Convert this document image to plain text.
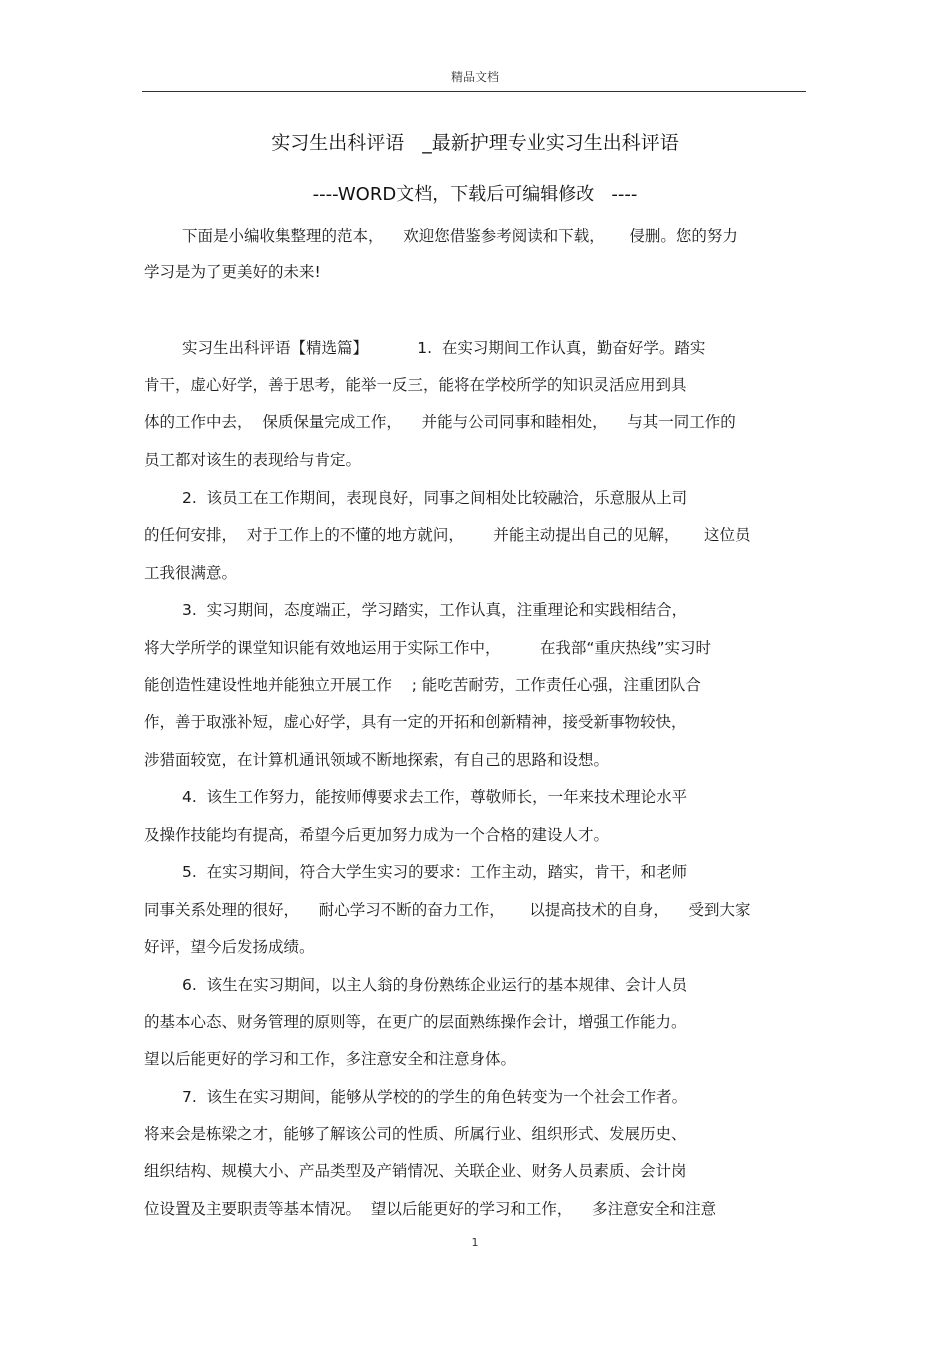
精品文档
实习生出科评语   _最新护理专业实习生出科评语
----WORD文档，下载后可编辑修改   ----
下面是小编收集整理的范本，    欢迎您借鉴参考阅读和下载，     侵删。您的努力
学习是为了更美好的未来!
实习生出科评语【精选篇】          1.  在实习期间工作认真，勤奋好学。踏实
肯干，虚心好学，善于思考，能举一反三，能将在学校所学的知识灵活应用到具
体的工作中去，  保质保量完成工作，    并能与公司同事和睦相处，    与其一同工作的
员工都对该生的表现给与肯定。
2.  该员工在工作期间，表现良好，同事之间相处比较融洽，乐意服从上司
的任何安排，  对于工作上的不懂的地方就问，      并能主动提出自己的见解，     这位员
工我很满意。
3.  实习期间，态度端正，学习踏实，工作认真，注重理论和实践相结合，
将大学所学的课堂知识能有效地运用于实际工作中，        在我部“重庆热线”实习时
能创造性建设性地并能独立开展工作    ; 能吃苦耐劳，工作责任心强，注重团队合
作，善于取涨补短，虚心好学，具有一定的开拓和创新精神，接受新事物较快，
涉猎面较宽，在计算机通讯领域不断地探索，有自己的思路和设想。
4.  该生工作努力，能按师傅要求去工作，尊敬师长，一年来技术理论水平
及操作技能均有提高，希望今后更加努力成为一个合格的建设人才。
5.  在实习期间，符合大学生实习的要求：工作主动，踏实，肯干，和老师
同事关系处理的很好，    耐心学习不断的奋力工作，     以提高技术的自身，    受到大家
好评，望今后发扬成绩。
6.  该生在实习期间，以主人翁的身份熟练企业运行的基本规律、会计人员
的基本心态、财务管理的原则等，在更广的层面熟练操作会计，增强工作能力。
望以后能更好的学习和工作，多注意安全和注意身体。
7.  该生在实习期间，能够从学校的的学生的角色转变为一个社会工作者。
将来会是栋梁之才，能够了解该公司的性质、所属行业、组织形式、发展历史、
组织结构、规模大小、产品类型及产销情况、关联企业、财务人员素质、会计岗
位设置及主要职责等基本情况。  望以后能更好的学习和工作，    多注意安全和注意
1
